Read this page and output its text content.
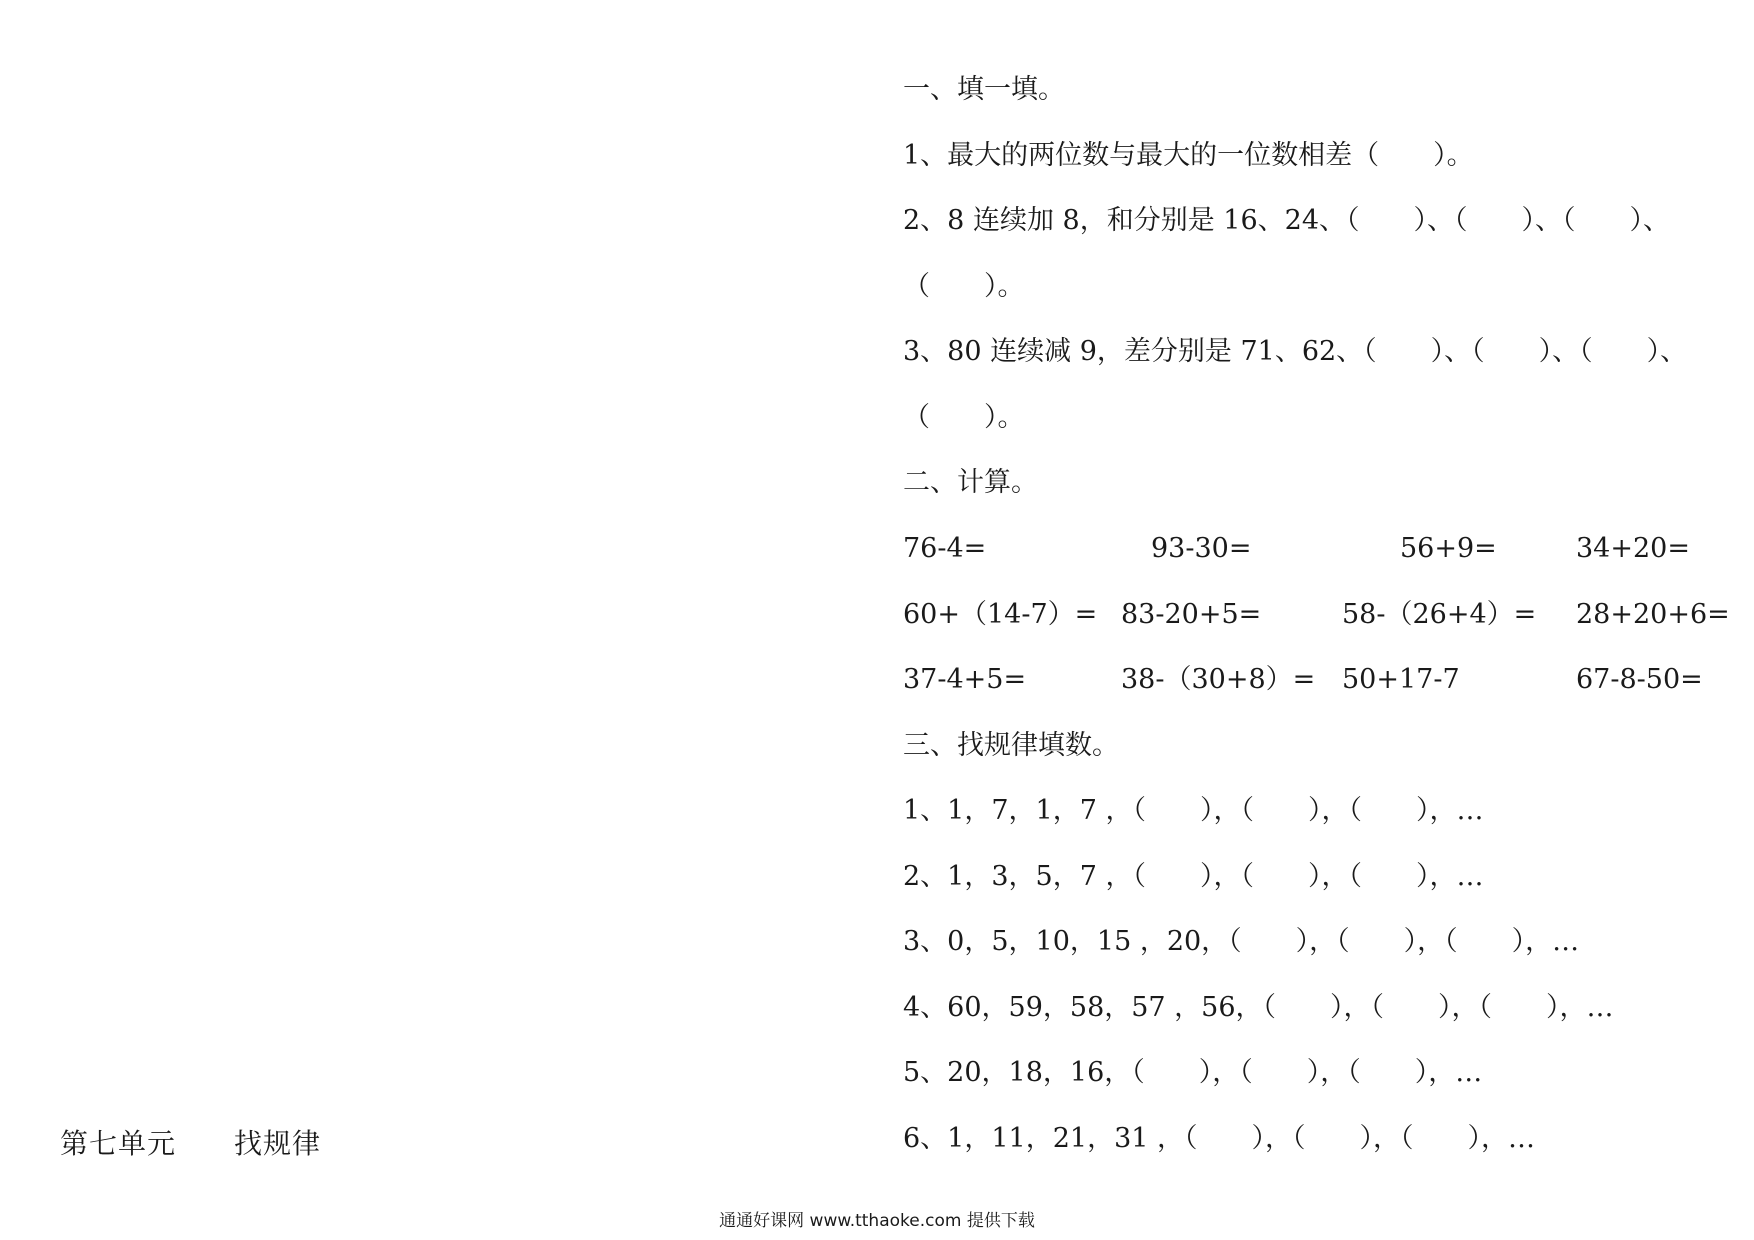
第七单元　　找规律
一、填一填。
1、最大的两位数与最大的一位数相差（　　）。
2、8 连续加 8，和分别是 16、24、（　　）、（　　）、（　　）、
（　　）。
3、80 连续减 9，差分别是 71、62、（　　）、（　　）、（　　）、
（　　）。
二、计算。
76-4=	93-30=	56+9=	34+20=
60+（14-7）= 83-20+5=	58-（26+4）= 28+20+6=
37-4+5=	38-（30+8）= 50+17-7	67-8-50=
三、找规律填数。
1、1，7，1，7 ，（　　），（　　），（　　），…
2、1，3，5，7 ，（　　），（　　），（　　），…
3、0，5，10，15 ，20，（　　），（　　），（　　），…
4、60，59，58，57 ，56，（　　），（　　），（　　），…
5、20，18，16，（　　），（　　），（　　），…
6、1，11，21，31 ，（　　），（　　），（　　），…
通通好课网 www.tthaoke.com 提供下载
